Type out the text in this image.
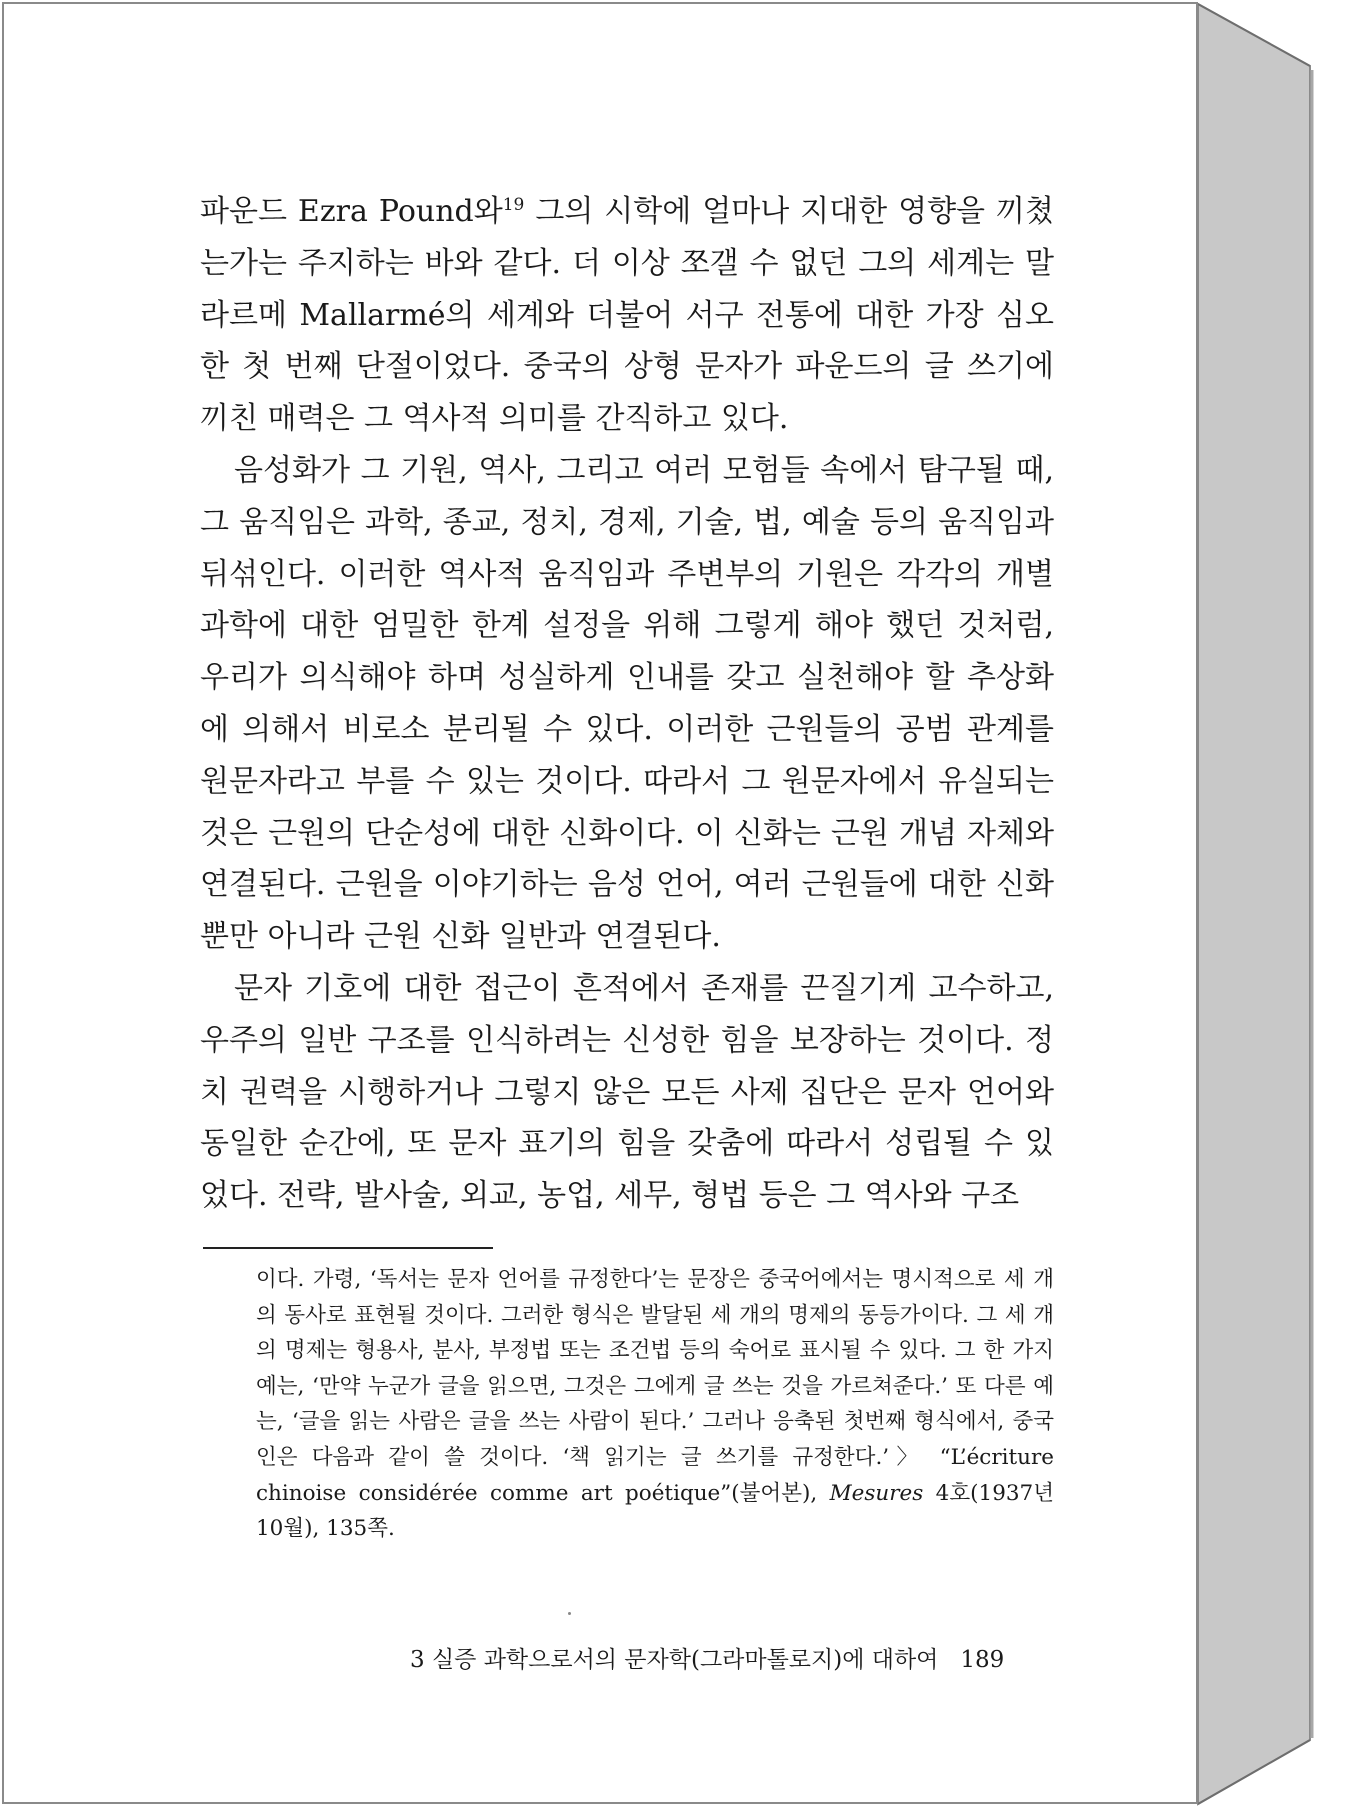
파운드 Ezra Pound와$^{19}$ 그의 시학에 얼마나 지대한 영향을 끼쳤는가는 주지하는 바와 같다. 더 이상 쪼갤 수 없던 그의 세계는 말라르메 Mallarmé의 세계와 더불어 서구 전통에 대한 가장 심오한 첫 번째 단절이었다. 중국의 상형 문자가 파운드의 글 쓰기에 끼친 매력은 그 역사적 의미를 간직하고 있다.

음성화가 그 기원, 역사, 그리고 여러 모험들 속에서 탐구될 때, 그 움직임은 과학, 종교, 정치, 경제, 기술, 법, 예술 등의 움직임과 뒤섞인다. 이러한 역사적 움직임과 주변부의 기원은 각각의 개별 과학에 대한 엄밀한 한계 설정을 위해 그렇게 해야 했던 것처럼, 우리가 의식해야 하며 성실하게 인내를 갖고 실천해야 할 추상화에 의해서 비로소 분리될 수 있다. 이러한 근원들의 공범 관계를 원문자라고 부를 수 있는 것이다. 따라서 그 원문자에서 유실되는 것은 근원의 단순성에 대한 신화이다. 이 신화는 근원 개념 자체와 연결된다. 근원을 이야기하는 음성 언어, 여러 근원들에 대한 신화뿐만 아니라 근원 신화 일반과 연결된다.

문자 기호에 대한 접근이 흔적에서 존재를 끈질기게 고수하고, 우주의 일반 구조를 인식하려는 신성한 힘을 보장하는 것이다. 정치 권력을 시행하거나 그렇지 않은 모든 사제 집단은 문자 언어와 동일한 순간에, 또 문자 표기의 힘을 갖춤에 따라서 성립될 수 있었다. 전략, 발사술, 외교, 농업, 세무, 형법 등은 그 역사와 구조

이다. 가령, ‘독서는 문자 언어를 규정한다’는 문장은 중국어에서는 명시적으로 세 개의 동사로 표현될 것이다. 그러한 형식은 발달된 세 개의 명제의 동등가이다. 그 세 개의 명제는 형용사, 분사, 부정법 또는 조건법 등의 숙어로 표시될 수 있다. 그 한 가지 예는, ‘만약 누군가 글을 읽으면, 그것은 그에게 글 쓰는 것을 가르쳐준다.’ 또 다른 예는, ‘글을 읽는 사람은 글을 쓰는 사람이 된다.’ 그러나 응축된 첫번째 형식에서, 중국인은 다음과 같이 쓸 것이다. ‘책 읽기는 글 쓰기를 규정한다.’〉 “L’écriture chinoise considérée comme art poétique”(불어본), Mesures 4호(1937년 10월), 135쪽.

3 실증 과학으로서의 문자학(그라마톨로지)에 대하여 189
